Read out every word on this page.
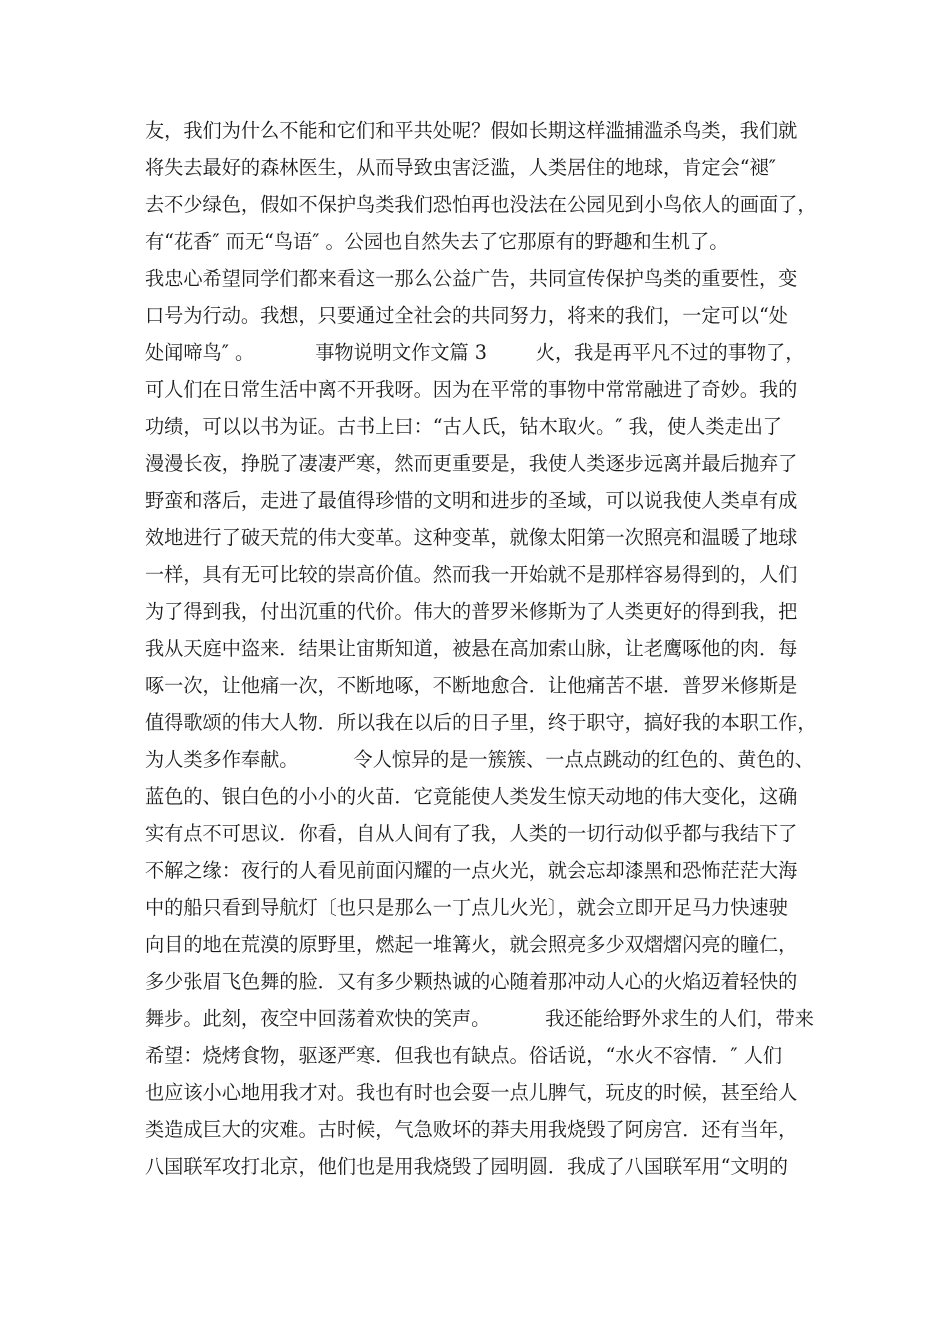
友，我们为什么不能和它们和平共处呢？假如长期这样滥捕滥杀鸟类，我们就
将失去最好的森林医生，从而导致虫害泛滥，人类居住的地球，肯定会“褪″
去不少绿色，假如不保护鸟类我们恐怕再也没法在公园见到小鸟依人的画面了，
有“花香″ 而无“鸟语″ 。公园也自然失去了它那原有的野趣和生机了。
我忠心希望同学们都来看这一那么公益广告，共同宣传保护鸟类的重要性，变
口号为行动。我想，只要通过全社会的共同努力，将来的我们，一定可以“处
处闻啼鸟″ 。          事物说明文作文篇 3        火，我是再平凡不过的事物了，
可人们在日常生活中离不开我呀。因为在平常的事物中常常融进了奇妙。我的
功绩，可以以书为证。古书上曰：“古人氏，钻木取火。″ 我，使人类走出了
漫漫长夜，挣脱了凄凄严寒，然而更重要是，我使人类逐步远离并最后抛弃了
野蛮和落后，走进了最值得珍惜的文明和进步的圣域，可以说我使人类卓有成
效地进行了破天荒的伟大变革。这种变革，就像太阳第一次照亮和温暖了地球
一样，具有无可比较的崇高价值。然而我一开始就不是那样容易得到的，人们
为了得到我，付出沉重的代价。伟大的普罗米修斯为了人类更好的得到我，把
我从天庭中盗来．结果让宙斯知道，被悬在高加索山脉，让老鹰啄他的肉．每
啄一次，让他痛一次，不断地啄，不断地愈合．让他痛苦不堪．普罗米修斯是
值得歌颂的伟大人物．所以我在以后的日子里，终于职守，搞好我的本职工作，
为人类多作奉献。         令人惊异的是一簇簇、一点点跳动的红色的、黄色的、
蓝色的、银白色的小小的火苗．它竟能使人类发生惊天动地的伟大变化，这确
实有点不可思议．你看，自从人间有了我，人类的一切行动似乎都与我结下了
不解之缘：夜行的人看见前面闪耀的一点火光，就会忘却漆黑和恐怖茫茫大海
中的船只看到导航灯〔也只是那么一丁点儿火光〕，就会立即开足马力快速驶
向目的地在荒漠的原野里，燃起一堆篝火，就会照亮多少双熠熠闪亮的瞳仁，
多少张眉飞色舞的脸．又有多少颗热诚的心随着那冲动人心的火焰迈着轻快的
舞步。此刻，夜空中回荡着欢快的笑声。         我还能给野外求生的人们，带来
希望：烧烤食物，驱逐严寒．但我也有缺点。俗话说，“水火不容情．″ 人们
也应该小心地用我才对。我也有时也会耍一点儿脾气，玩皮的时候，甚至给人
类造成巨大的灾难。古时候，气急败坏的莽夫用我烧毁了阿房宫．还有当年，
八国联军攻打北京，他们也是用我烧毁了园明圆．我成了八国联军用“文明的
